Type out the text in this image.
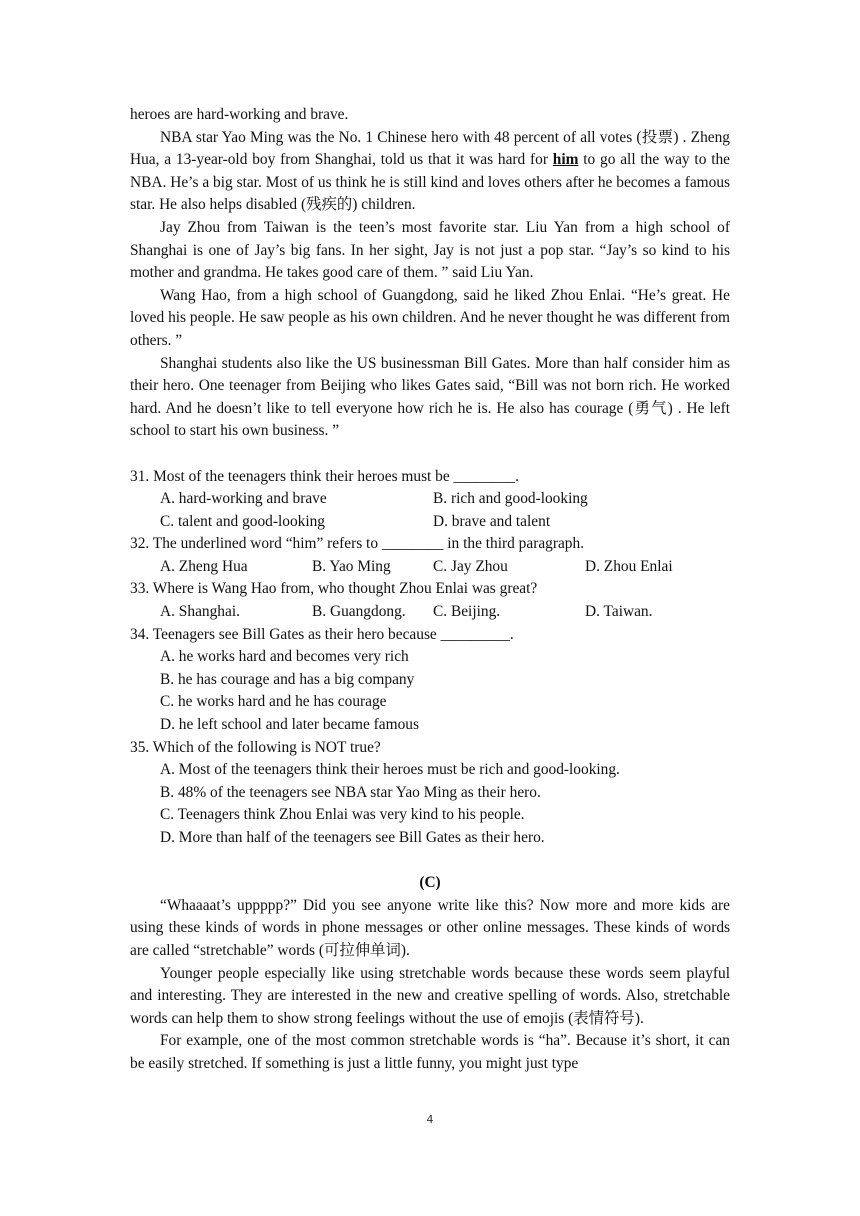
heroes are hard-working and brave.

NBA star Yao Ming was the No. 1 Chinese hero with 48 percent of all votes (投票) . Zheng Hua, a 13-year-old boy from Shanghai, told us that it was hard for him to go all the way to the NBA. He’s a big star. Most of us think he is still kind and loves others after he becomes a famous star. He also helps disabled (残疾的) children.

Jay Zhou from Taiwan is the teen’s most favorite star. Liu Yan from a high school of Shanghai is one of Jay’s big fans. In her sight, Jay is not just a pop star. “Jay’s so kind to his mother and grandma. He takes good care of them. ” said Liu Yan.

Wang Hao, from a high school of Guangdong, said he liked Zhou Enlai. “He’s great. He loved his people. He saw people as his own children. And he never thought he was different from others. ”

Shanghai students also like the US businessman Bill Gates. More than half consider him as their hero. One teenager from Beijing who likes Gates said, “Bill was not born rich. He worked hard. And he doesn’t like to tell everyone how rich he is. He also has courage (勇气) . He left school to start his own business. ”

31. Most of the teenagers think their heroes must be ________.

A. hard-working and brave	B. rich and good-looking
C. talent and good-looking	D. brave and talent

32. The underlined word “him” refers to ________ in the third paragraph.

A. Zheng Hua	B. Yao Ming	C. Jay Zhou	D. Zhou Enlai

33. Where is Wang Hao from, who thought Zhou Enlai was great?

A. Shanghai.	B. Guangdong. C. Beijing.	D. Taiwan.

34. Teenagers see Bill Gates as their hero because _________.

A. he works hard and becomes very rich

B. he has courage and has a big company

C. he works hard and he has courage

D. he left school and later became famous

35. Which of the following is NOT true?

A. Most of the teenagers think their heroes must be rich and good-looking.

B. 48% of the teenagers see NBA star Yao Ming as their hero.

C. Teenagers think Zhou Enlai was very kind to his people.

D. More than half of the teenagers see Bill Gates as their hero.

(C)

“Whaaaat’s uppppp?” Did you see anyone write like this? Now more and more kids are using these kinds of words in phone messages or other online messages. These kinds of words are called “stretchable” words (可拉伸单词).

Younger people especially like using stretchable words because these words seem playful and interesting. They are interested in the new and creative spelling of words. Also, stretchable words can help them to show strong feelings without the use of emojis (表情符号).

For example, one of the most common stretchable words is “ha”. Because it’s short, it can be easily stretched. If something is just a little funny, you might just type

4
